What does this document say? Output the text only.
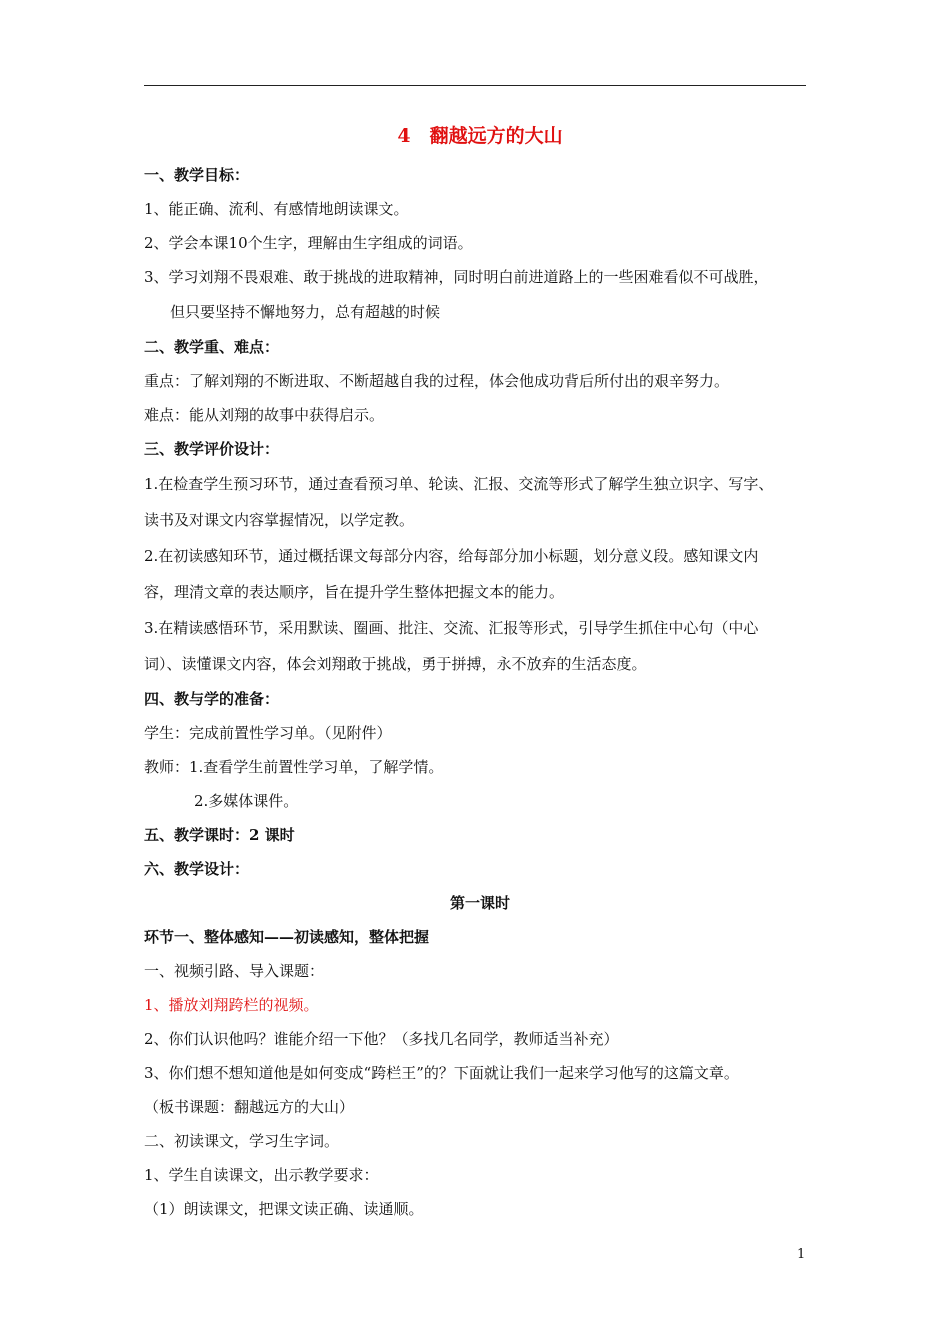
4　翻越远方的大山
一、教学目标：
1、能正确、流利、有感情地朗读课文。
2、学会本课10个生字，理解由生字组成的词语。
3、学习刘翔不畏艰难、敢于挑战的进取精神，同时明白前进道路上的一些困难看似不可战胜，
但只要坚持不懈地努力，总有超越的时候
二、教学重、难点：
重点：了解刘翔的不断进取、不断超越自我的过程，体会他成功背后所付出的艰辛努力。
难点：能从刘翔的故事中获得启示。
三、教学评价设计：
1.在检查学生预习环节，通过查看预习单、轮读、汇报、交流等形式了解学生独立识字、写字、
读书及对课文内容掌握情况，以学定教。
2.在初读感知环节，通过概括课文每部分内容，给每部分加小标题，划分意义段。感知课文内
容，理清文章的表达顺序，旨在提升学生整体把握文本的能力。
3.在精读感悟环节，采用默读、圈画、批注、交流、汇报等形式，引导学生抓住中心句（中心
词）、读懂课文内容，体会刘翔敢于挑战，勇于拼搏，永不放弃的生活态度。
四、教与学的准备：
学生：完成前置性学习单。（见附件）
教师：1.查看学生前置性学习单，了解学情。
2.多媒体课件。
五、教学课时：2 课时
六、教学设计：
第一课时
环节一、整体感知——初读感知，整体把握
一、视频引路、导入课题：
1、播放刘翔跨栏的视频。
2、你们认识他吗？谁能介绍一下他？（多找几名同学，教师适当补充）
3、你们想不想知道他是如何变成“跨栏王”的？下面就让我们一起来学习他写的这篇文章。
（板书课题：翻越远方的大山）
二、初读课文，学习生字词。
1、学生自读课文，出示教学要求：
（1）朗读课文，把课文读正确、读通顺。
1
